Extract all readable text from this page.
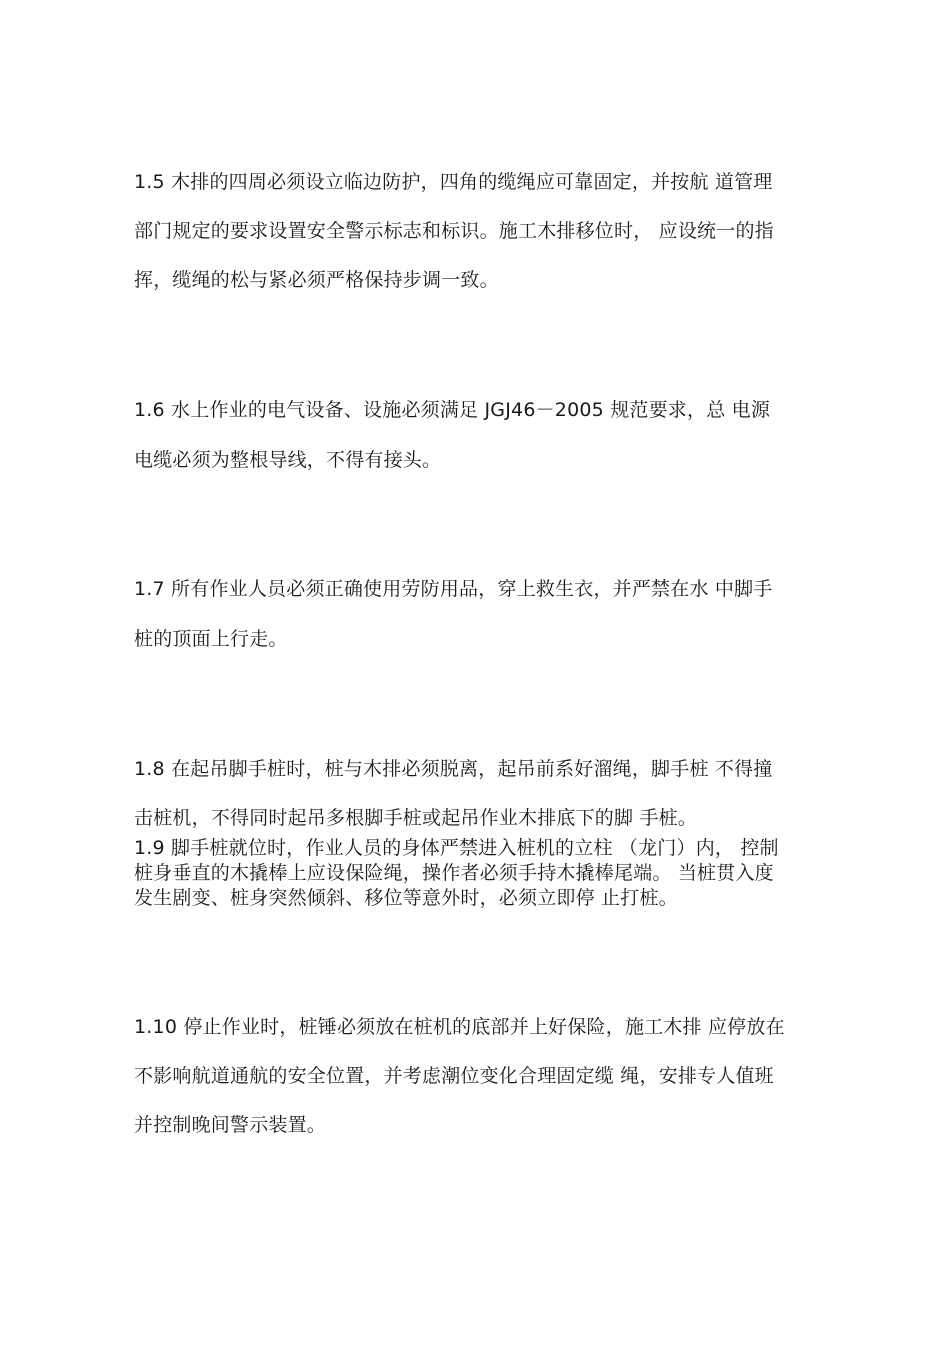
1.5 木排的四周必须设立临边防护，四角的缆绳应可靠固定，并按航 道管理
部门规定的要求设置安全警示标志和标识。施工木排移位时， 应设统一的指
挥，缆绳的松与紧必须严格保持步调一致。
1.6 水上作业的电气设备、设施必须满足 JGJ46－2005 规范要求，总 电源
电缆必须为整根导线，不得有接头。
1.7 所有作业人员必须正确使用劳防用品，穿上救生衣，并严禁在水 中脚手
桩的顶面上行走。
1.8 在起吊脚手桩时，桩与木排必须脱离，起吊前系好溜绳，脚手桩 不得撞
击桩机，不得同时起吊多根脚手桩或起吊作业木排底下的脚 手桩。
1.9 脚手桩就位时，作业人员的身体严禁进入桩机的立柱 （龙门）内， 控制
桩身垂直的木撬棒上应设保险绳，操作者必须手持木撬棒尾端。 当桩贯入度
发生剧变、桩身突然倾斜、移位等意外时，必须立即停 止打桩。
1.10 停止作业时，桩锤必须放在桩机的底部并上好保险，施工木排 应停放在
不影响航道通航的安全位置，并考虑潮位变化合理固定缆 绳，安排专人值班
并控制晚间警示装置。
